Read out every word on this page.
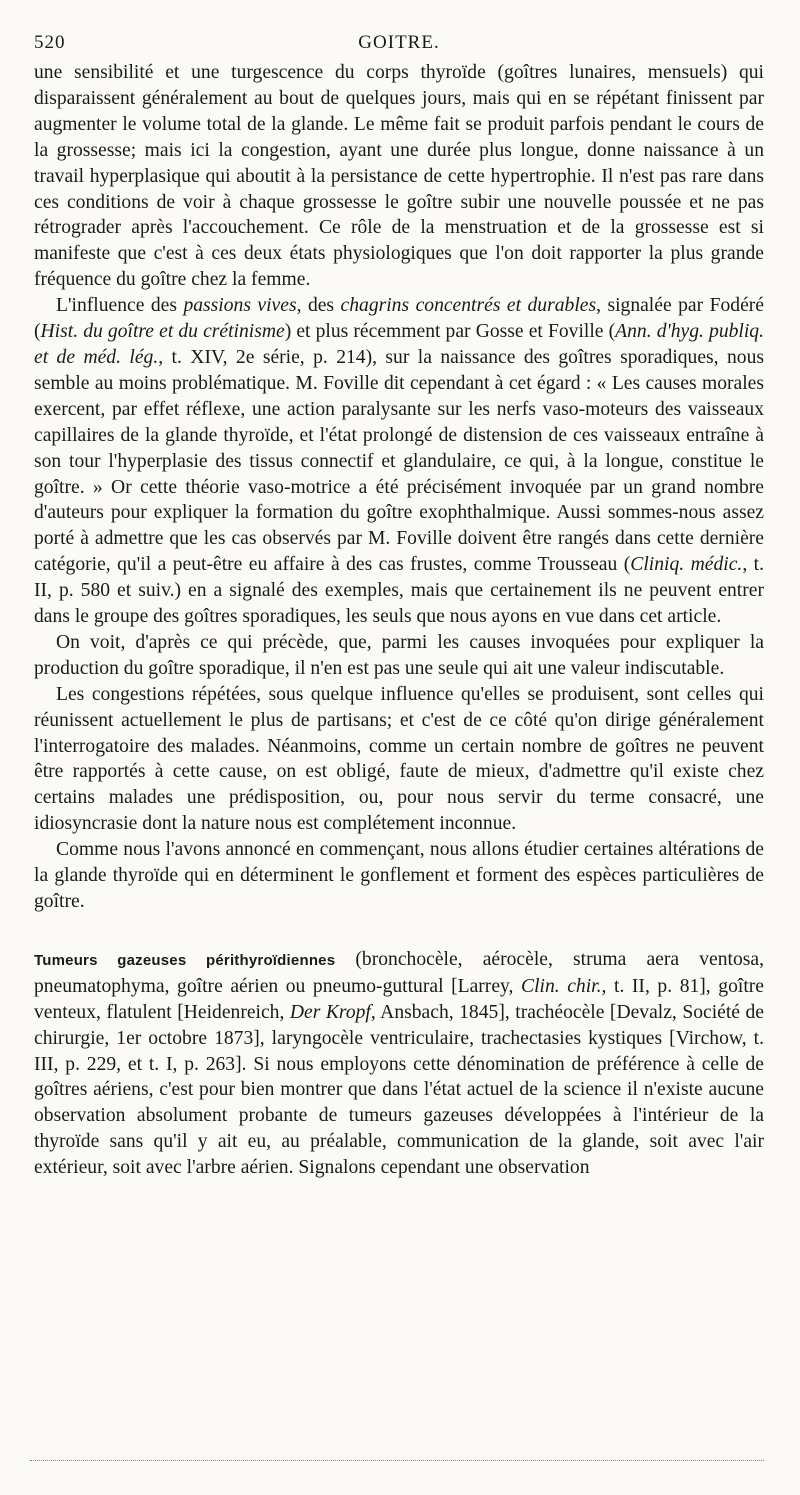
520	GOITRE.

une sensibilité et une turgescence du corps thyroïde (goîtres lunaires, mensuels) qui disparaissent généralement au bout de quelques jours, mais qui en se répétant finissent par augmenter le volume total de la glande. Le même fait se produit parfois pendant le cours de la grossesse; mais ici la congestion, ayant une durée plus longue, donne naissance à un travail hyperplasique qui aboutit à la persistance de cette hypertrophie. Il n'est pas rare dans ces conditions de voir à chaque grossesse le goître subir une nouvelle poussée et ne pas rétrograder après l'accouchement. Ce rôle de la menstruation et de la grossesse est si manifeste que c'est à ces deux états physiologiques que l'on doit rapporter la plus grande fréquence du goître chez la femme.

L'influence des passions vives, des chagrins concentrés et durables, signalée par Fodéré (Hist. du goître et du crétinisme) et plus récemment par Gosse et Foville (Ann. d'hyg. publiq. et de méd. lég., t. XIV, 2e série, p. 214), sur la naissance des goîtres sporadiques, nous semble au moins problématique. M. Foville dit cependant à cet égard : « Les causes morales exercent, par effet réflexe, une action paralysante sur les nerfs vaso-moteurs des vaisseaux capillaires de la glande thyroïde, et l'état prolongé de distension de ces vaisseaux entraîne à son tour l'hyperplasie des tissus connectif et glandulaire, ce qui, à la longue, constitue le goître. » Or cette théorie vaso-motrice a été précisément invoquée par un grand nombre d'auteurs pour expliquer la formation du goître exophthalmique. Aussi sommes-nous assez porté à admettre que les cas observés par M. Foville doivent être rangés dans cette dernière catégorie, qu'il a peut-être eu affaire à des cas frustes, comme Trousseau (Cliniq. médic., t. II, p. 580 et suiv.) en a signalé des exemples, mais que certainement ils ne peuvent entrer dans le groupe des goîtres sporadiques, les seuls que nous ayons en vue dans cet article.

On voit, d'après ce qui précède, que, parmi les causes invoquées pour expliquer la production du goître sporadique, il n'en est pas une seule qui ait une valeur indiscutable.

Les congestions répétées, sous quelque influence qu'elles se produisent, sont celles qui réunissent actuellement le plus de partisans; et c'est de ce côté qu'on dirige généralement l'interrogatoire des malades. Néanmoins, comme un certain nombre de goîtres ne peuvent être rapportés à cette cause, on est obligé, faute de mieux, d'admettre qu'il existe chez certains malades une prédisposition, ou, pour nous servir du terme consacré, une idiosyncrasie dont la nature nous est complétement inconnue.

Comme nous l'avons annoncé en commençant, nous allons étudier certaines altérations de la glande thyroïde qui en déterminent le gonflement et forment des espèces particulières de goître.

Tumeurs gazeuses périthyroïdiennes (bronchocèle, aérocèle, struma aera ventosa, pneumatophyma, goître aérien ou pneumo-guttural [Larrey, Clin. chir., t. II, p. 81], goître venteux, flatulent [Heidenreich, Der Kropf, Ansbach, 1845], trachéocèle [Devalz, Société de chirurgie, 1er octobre 1873], laryngocèle ventriculaire, trachectasies kystiques [Virchow, t. III, p. 229, et t. I, p. 263]. Si nous employons cette dénomination de préférence à celle de goîtres aériens, c'est pour bien montrer que dans l'état actuel de la science il n'existe aucune observation absolument probante de tumeurs gazeuses développées à l'intérieur de la thyroïde sans qu'il y ait eu, au préalable, communication de la glande, soit avec l'air extérieur, soit avec l'arbre aérien. Signalons cependant une observation
